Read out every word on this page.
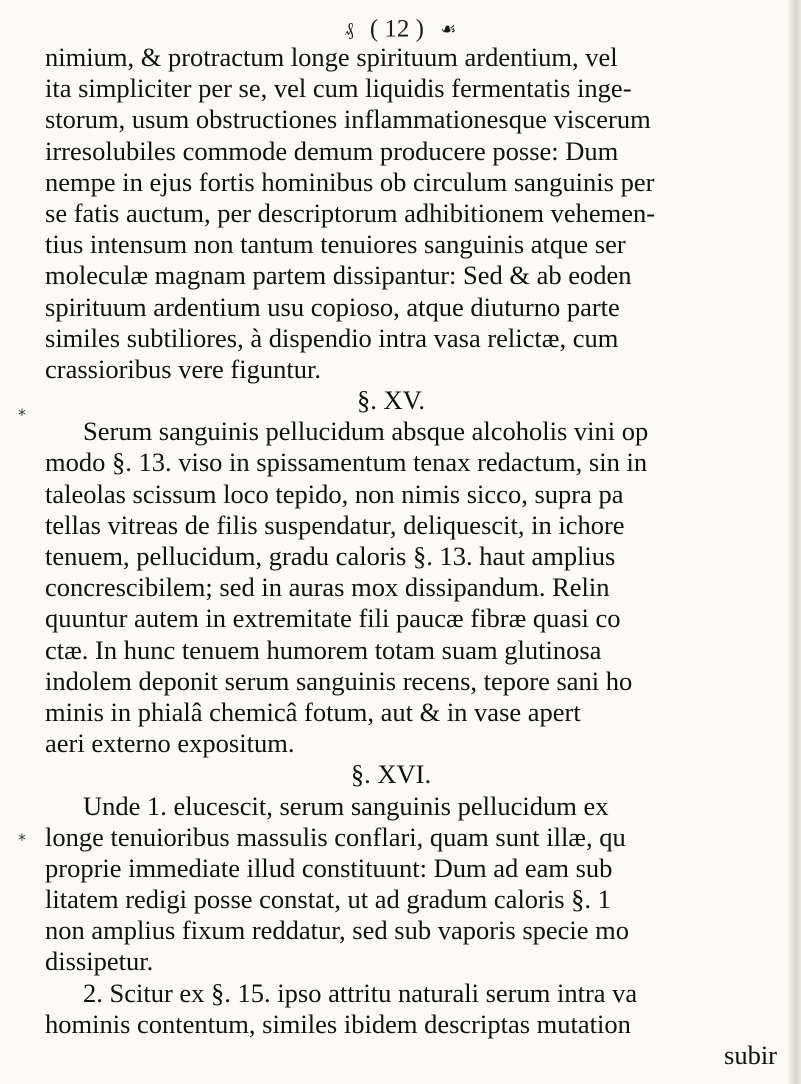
₰ ( 12 ) ☙
*
*
nimium, & protractum longe spirituum ardentium, vel
ita simpliciter per se, vel cum liquidis fermentatis inge-
storum, usum obstructiones inflammationesque viscerum
irresolubiles commode demum producere posse: Dum
nempe in ejus fortis hominibus ob circulum sanguinis per
se fatis auctum, per descriptorum adhibitionem vehemen-
tius intensum non tantum tenuiores sanguinis atque ser
moleculæ magnam partem dissipantur: Sed & ab eoden
spirituum ardentium usu copioso, atque diuturno parte
similes subtiliores, à dispendio intra vasa relictæ, cum
crassioribus vere figuntur.
§. XV.
Serum sanguinis pellucidum absque alcoholis vini op
modo §. 13. viso in spissamentum tenax redactum, sin in
taleolas scissum loco tepido, non nimis sicco, supra pa
tellas vitreas de filis suspendatur, deliquescit, in ichore
tenuem, pellucidum, gradu caloris §. 13. haut amplius
concrescibilem; sed in auras mox dissipandum. Relin
quuntur autem in extremitate fili paucæ fibræ quasi co
ctæ. In hunc tenuem humorem totam suam glutinosa
indolem deponit serum sanguinis recens, tepore sani ho
minis in phialâ chemicâ fotum, aut & in vase apert
aeri externo expositum.
§. XVI.
Unde 1. elucescit, serum sanguinis pellucidum ex
longe tenuioribus massulis conflari, quam sunt illæ, qu
proprie immediate illud constituunt: Dum ad eam sub
litatem redigi posse constat, ut ad gradum caloris §. 1
non amplius fixum reddatur, sed sub vaporis specie mo
dissipetur.
2. Scitur ex §. 15. ipso attritu naturali serum intra va
hominis contentum, similes ibidem descriptas mutation
subir
